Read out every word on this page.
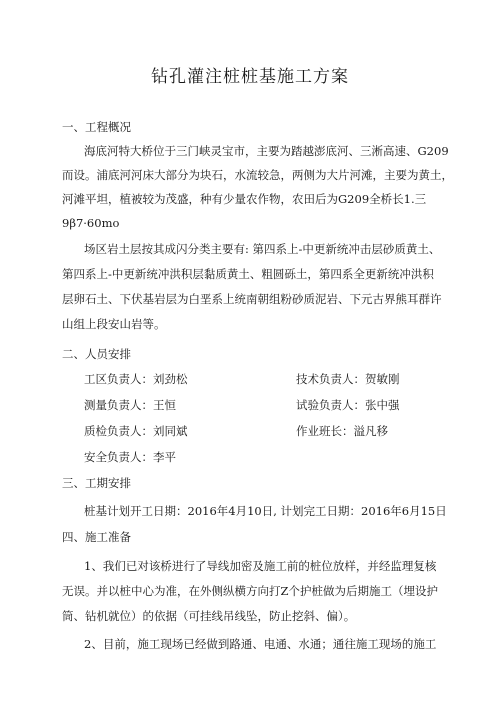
钻孔灌注桩桩基施工方案
一、工程概况
海底河特大桥位于三门峡灵宝市，主要为踏越澎底河、三淅高速、G209
而设。浦底河河床大部分为块石，水流较急，两侧为大片河滩，主要为黄土，
河滩平坦，植被较为茂盛，种有少量农作物，农田后为G209全桥长1.三
9β7·60mo
场区岩土层按其成闪分类主要有: 第四系上-中更新统冲击层砂质黄土、
第四系上-中更新统冲洪积层黏质黄土、粗圆砾土，第四系全更新统冲洪积
层卵石土、下伏基岩层为白垩系上统南朝组粉砂质泥岩、下元古界熊耳群许
山组上段安山岩等。
二、人员安排
工区负责人：刘劲松	技术负责人：贺敏刚
测量负责人：王恒	试验负责人：张中强
质检负责人：刘同斌	作业班长：溢凡移
安全负责人：李平
三、工期安排
桩基计划开工日期：2016年4月10日, 计划完工日期：2016年6月15日
四、施工准备
1、我们已对该桥进行了导线加密及施工前的桩位放样，并经监理复核
无误。并以桩中心为准，在外侧纵横方向打Z个护桩做为后期施工（埋设护
筒、钻机就位）的依据（可挂线吊线坠，防止挖斜、偏）。
2、目前，施工现场已经做到路通、电通、水通；通往施工现场的施工
